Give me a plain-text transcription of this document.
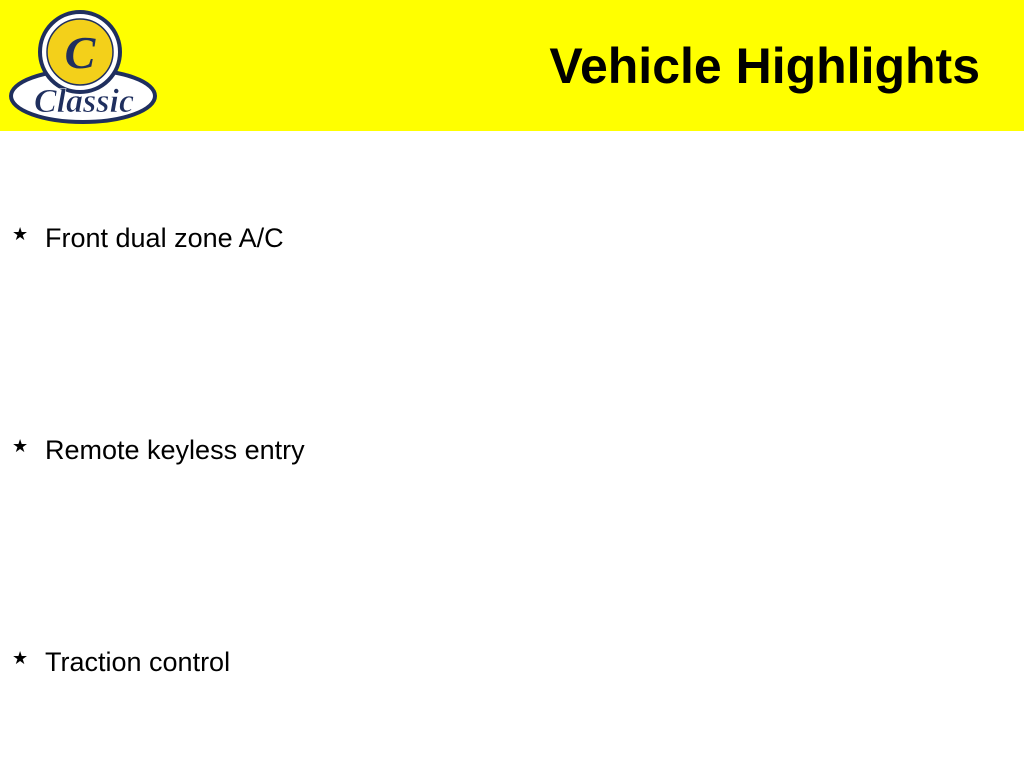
C
Classic
Vehicle Highlights
★ Front dual zone A/C
★ Remote keyless entry
★ Traction control
